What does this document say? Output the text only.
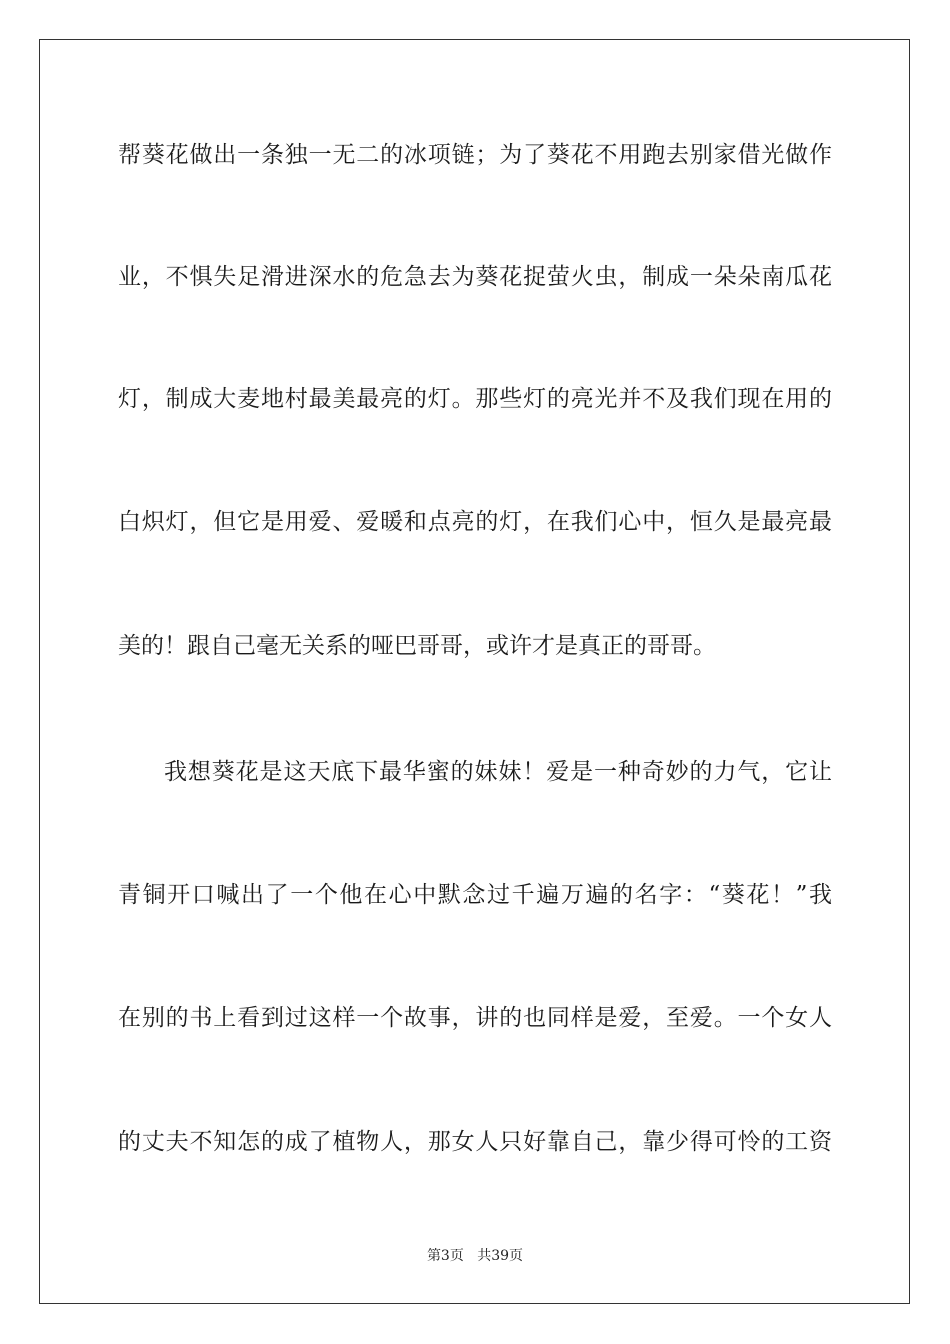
帮葵花做出一条独一无二的冰项链；为了葵花不用跑去别家借光做作
业，不惧失足滑进深水的危急去为葵花捉萤火虫，制成一朵朵南瓜花
灯，制成大麦地村最美最亮的灯。那些灯的亮光并不及我们现在用的
白炽灯，但它是用爱、爱暖和点亮的灯，在我们心中，恒久是最亮最
美的！跟自己毫无关系的哑巴哥哥，或许才是真正的哥哥。
我想葵花是这天底下最华蜜的妹妹！爱是一种奇妙的力气，它让
青铜开口喊出了一个他在心中默念过千遍万遍的名字：“葵花！”我
在别的书上看到过这样一个故事，讲的也同样是爱，至爱。一个女人
的丈夫不知怎的成了植物人，那女人只好靠自己，靠少得可怜的工资
第3页 共39页
